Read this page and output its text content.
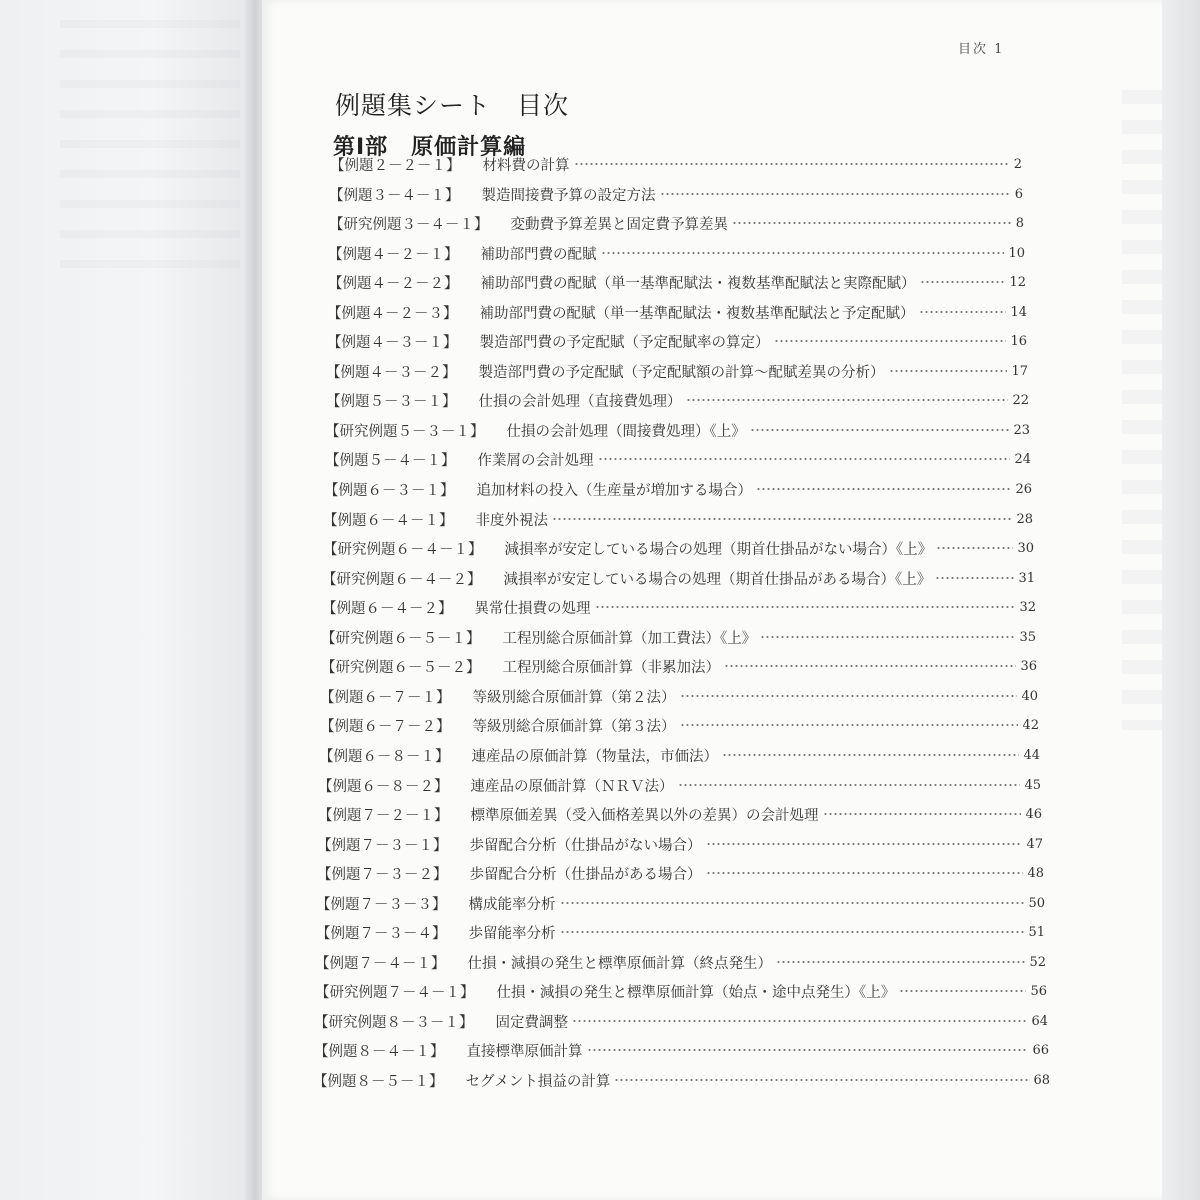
目次 1
例題集シート　目次
第Ⅰ部　原価計算編
【例題２－２－１】 材料費の計算	2
【例題３－４－１】 製造間接費予算の設定方法	6
【研究例題３－４－１】 変動費予算差異と固定費予算差異	8
【例題４－２－１】 補助部門費の配賦	10
【例題４－２－２】 補助部門費の配賦（単一基準配賦法・複数基準配賦法と実際配賦）	12
【例題４－２－３】 補助部門費の配賦（単一基準配賦法・複数基準配賦法と予定配賦）	14
【例題４－３－１】 製造部門費の予定配賦（予定配賦率の算定）	16
【例題４－３－２】 製造部門費の予定配賦（予定配賦額の計算～配賦差異の分析）	17
【例題５－３－１】 仕損の会計処理（直接費処理）	22
【研究例題５－３－１】 仕損の会計処理（間接費処理）《上》	23
【例題５－４－１】 作業屑の会計処理	24
【例題６－３－１】 追加材料の投入（生産量が増加する場合）	26
【例題６－４－１】 非度外視法	28
【研究例題６－４－１】 減損率が安定している場合の処理（期首仕掛品がない場合）《上》	30
【研究例題６－４－２】 減損率が安定している場合の処理（期首仕掛品がある場合）《上》	31
【例題６－４－２】 異常仕損費の処理	32
【研究例題６－５－１】 工程別総合原価計算（加工費法）《上》	35
【研究例題６－５－２】 工程別総合原価計算（非累加法）	36
【例題６－７－１】 等級別総合原価計算（第２法）	40
【例題６－７－２】 等級別総合原価計算（第３法）	42
【例題６－８－１】 連産品の原価計算（物量法，市価法）	44
【例題６－８－２】 連産品の原価計算（ＮＲＶ法）	45
【例題７－２－１】 標準原価差異（受入価格差異以外の差異）の会計処理	46
【例題７－３－１】 歩留配合分析（仕掛品がない場合）	47
【例題７－３－２】 歩留配合分析（仕掛品がある場合）	48
【例題７－３－３】 構成能率分析	50
【例題７－３－４】 歩留能率分析	51
【例題７－４－１】 仕損・減損の発生と標準原価計算（終点発生）	52
【研究例題７－４－１】 仕損・減損の発生と標準原価計算（始点・途中点発生）《上》	56
【研究例題８－３－１】 固定費調整	64
【例題８－４－１】 直接標準原価計算	66
【例題８－５－１】 セグメント損益の計算	68
